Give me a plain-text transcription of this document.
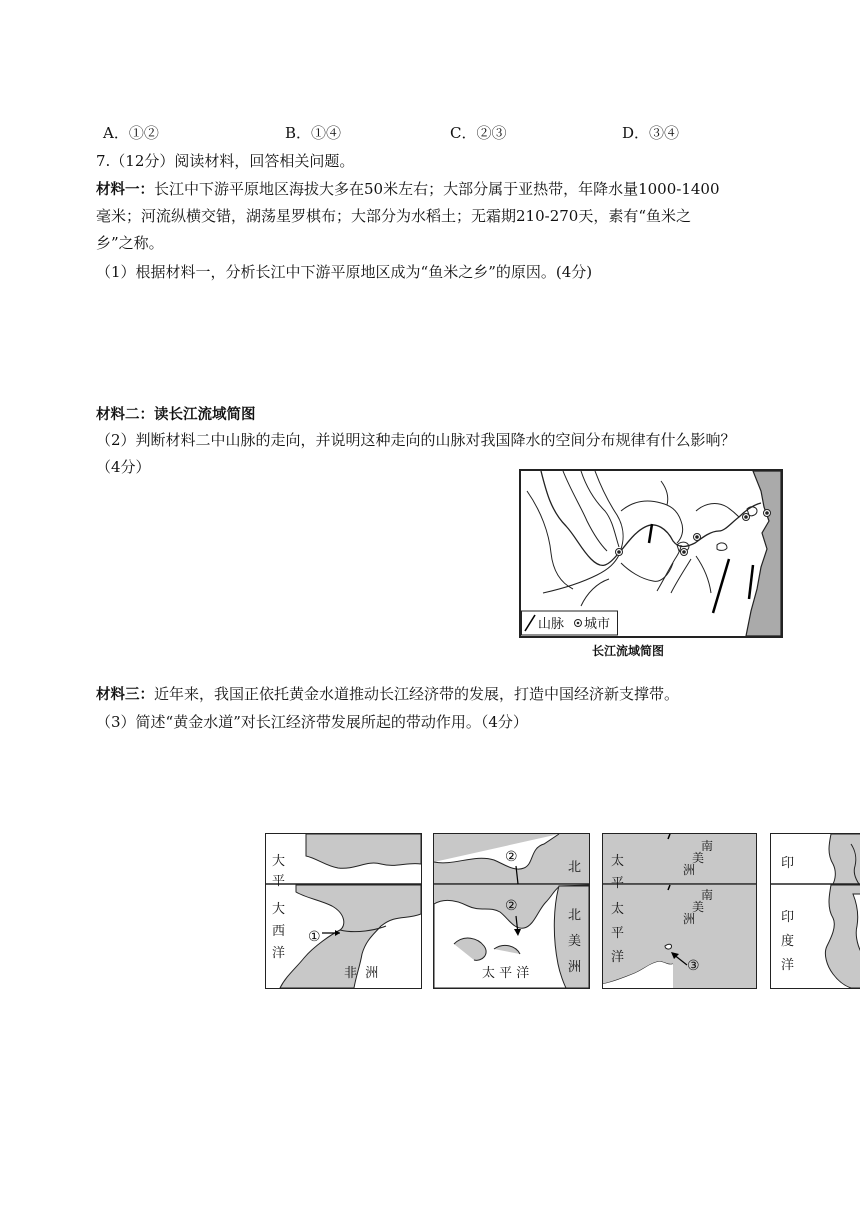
A．①②	B．①④	C．②③	D．③④
7.（12分）阅读材料，回答相关问题。
材料一：长江中下游平原地区海拔大多在50米左右；大部分属于亚热带，年降水量1000-1400
毫米；河流纵横交错，湖荡星罗棋布；大部分为水稻土；无霜期210-270天，素有“鱼米之
乡”之称。
（1）根据材料一，分析长江中下游平原地区成为“鱼米之乡”的原因。(4分)
材料二：读长江流域简图
（2）判断材料二中山脉的走向，并说明这种走向的山脉对我国降水的空间分布规律有什么影响？
（4分）
山脉 城市
长江流域简图
材料三：近年来，我国正依托黄金水道推动长江经济带的发展，打造中国经济新支撑带。
（3）简述“黄金水道”对长江经济带发展所起的带动作用。（4分）
大
平
大
西
洋
①
非  洲
②
②
北
北
美
洲
太 平 洋
太
平
太
平
洋
南
美
洲
南
美
洲
③
印
印
度
洋
